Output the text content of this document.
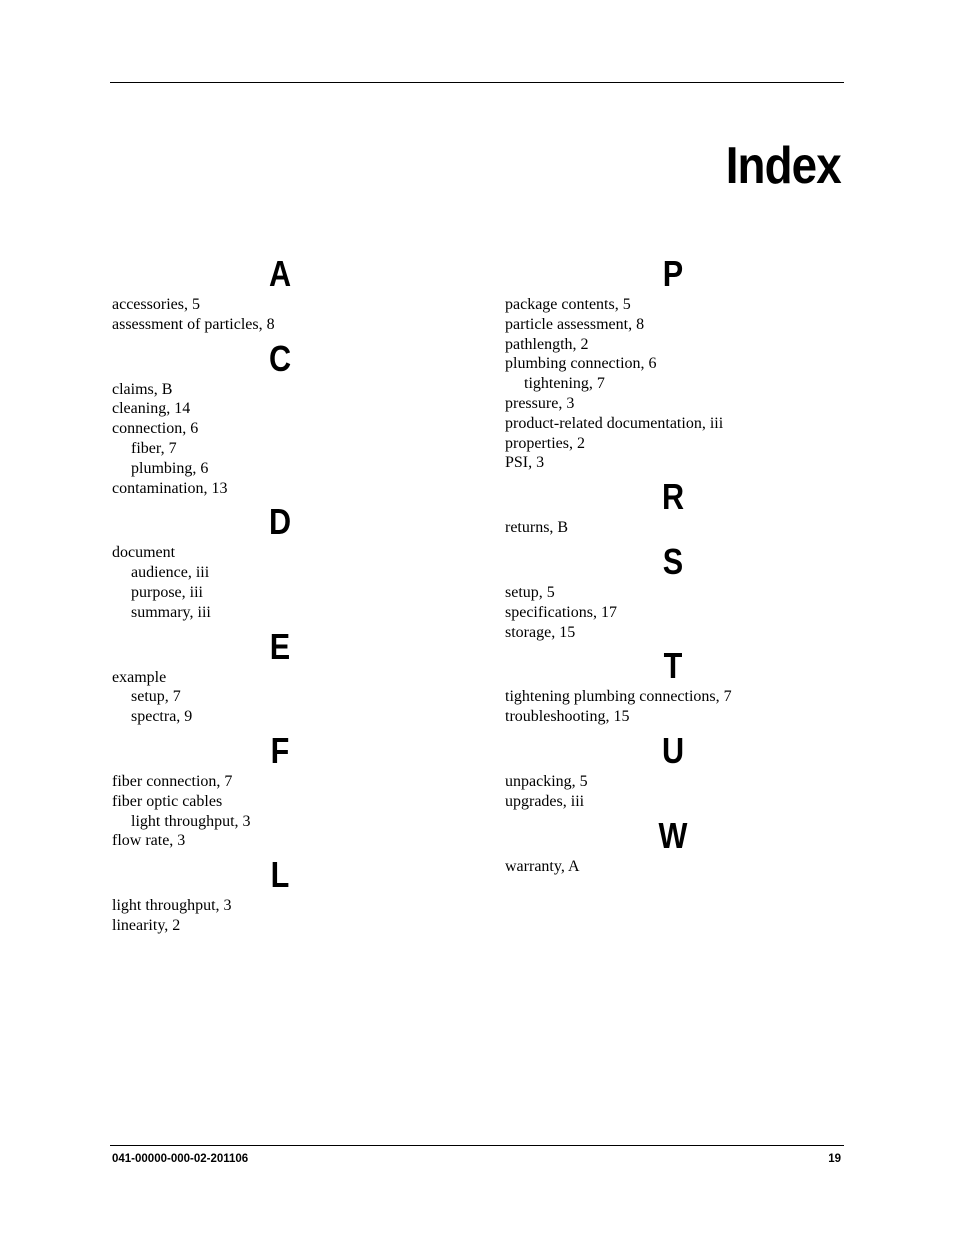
Index
A
accessories, 5
assessment of particles, 8
C
claims, B
cleaning, 14
connection, 6
fiber, 7
plumbing, 6
contamination, 13
D
document
audience, iii
purpose, iii
summary, iii
E
example
setup, 7
spectra, 9
F
fiber connection, 7
fiber optic cables
light throughput, 3
flow rate, 3
L
light throughput, 3
linearity, 2
P
package contents, 5
particle assessment, 8
pathlength, 2
plumbing connection, 6
tightening, 7
pressure, 3
product-related documentation, iii
properties, 2
PSI, 3
R
returns, B
S
setup, 5
specifications, 17
storage, 15
T
tightening plumbing connections, 7
troubleshooting, 15
U
unpacking, 5
upgrades, iii
W
warranty, A
041-00000-000-02-201106	19
